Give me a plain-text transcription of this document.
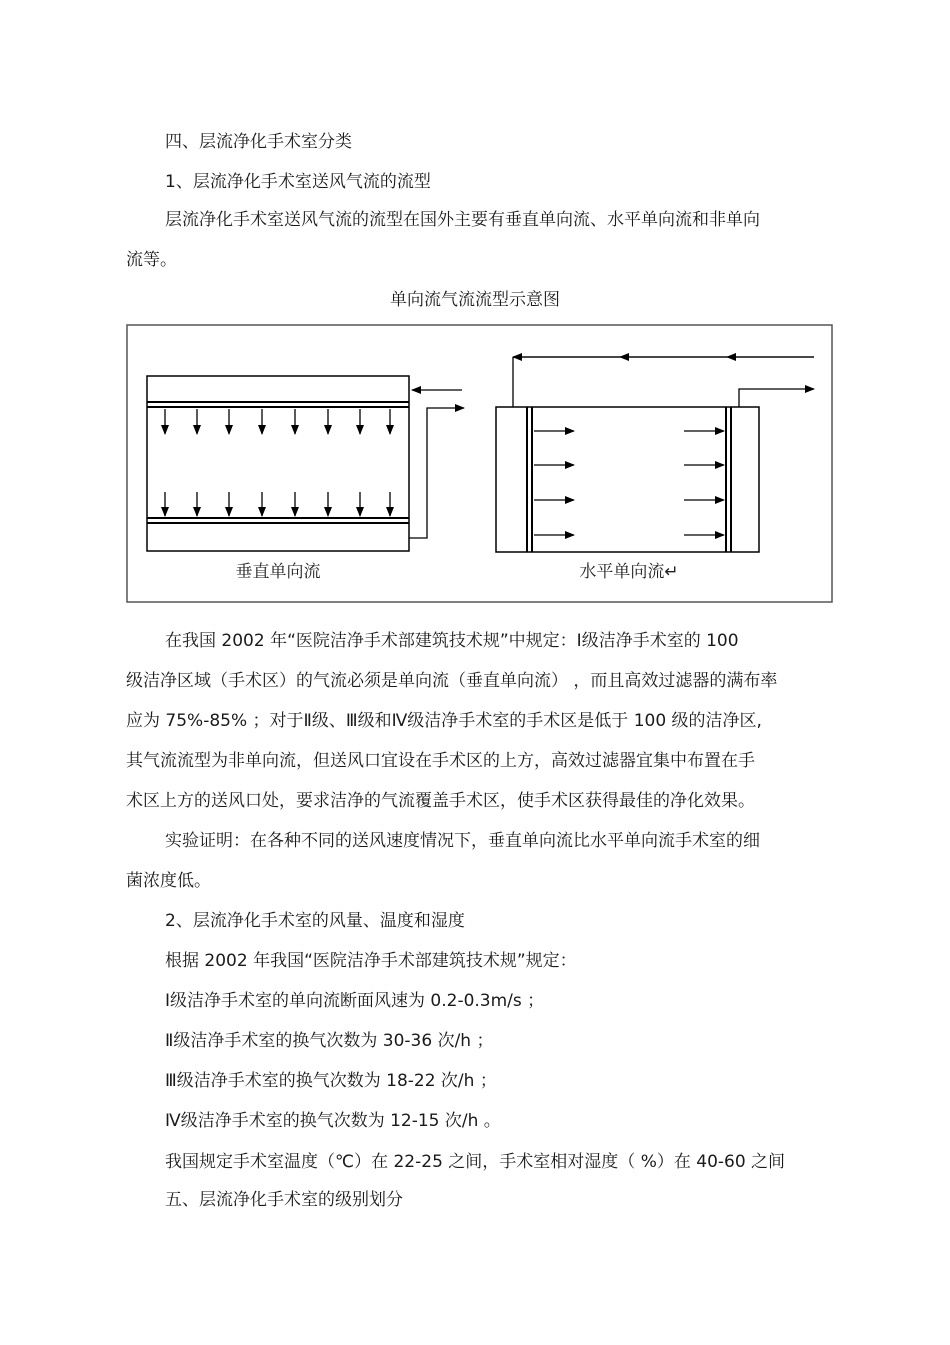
四、层流净化手术室分类
1、层流净化手术室送风气流的流型
层流净化手术室送风气流的流型在国外主要有垂直单向流、水平单向流和非单向
流等。
单向流气流流型示意图
垂直单向流	水平单向流↵
在我国 2002 年“医院洁净手术部建筑技术规”中规定：Ⅰ级洁净手术室的 100
级洁净区域（手术区）的气流必须是单向流（垂直单向流） ，而且高效过滤器的满布率
应为 75%-85% ；对于Ⅱ级、Ⅲ级和Ⅳ级洁净手术室的手术区是低于 100 级的洁净区,
其气流流型为非单向流，但送风口宜设在手术区的上方，高效过滤器宜集中布置在手
术区上方的送风口处，要求洁净的气流覆盖手术区，使手术区获得最佳的净化效果。
实验证明：在各种不同的送风速度情况下，垂直单向流比水平单向流手术室的细
菌浓度低。
2、层流净化手术室的风量、温度和湿度
根据 2002 年我国“医院洁净手术部建筑技术规”规定：
Ⅰ级洁净手术室的单向流断面风速为 0.2-0.3m/s ；
Ⅱ级洁净手术室的换气次数为 30-36 次/h ；
Ⅲ级洁净手术室的换气次数为 18-22 次/h ；
Ⅳ级洁净手术室的换气次数为 12-15 次/h 。
我国规定手术室温度（℃）在 22-25 之间，手术室相对湿度（ %）在 40-60 之间
五、层流净化手术室的级别划分
